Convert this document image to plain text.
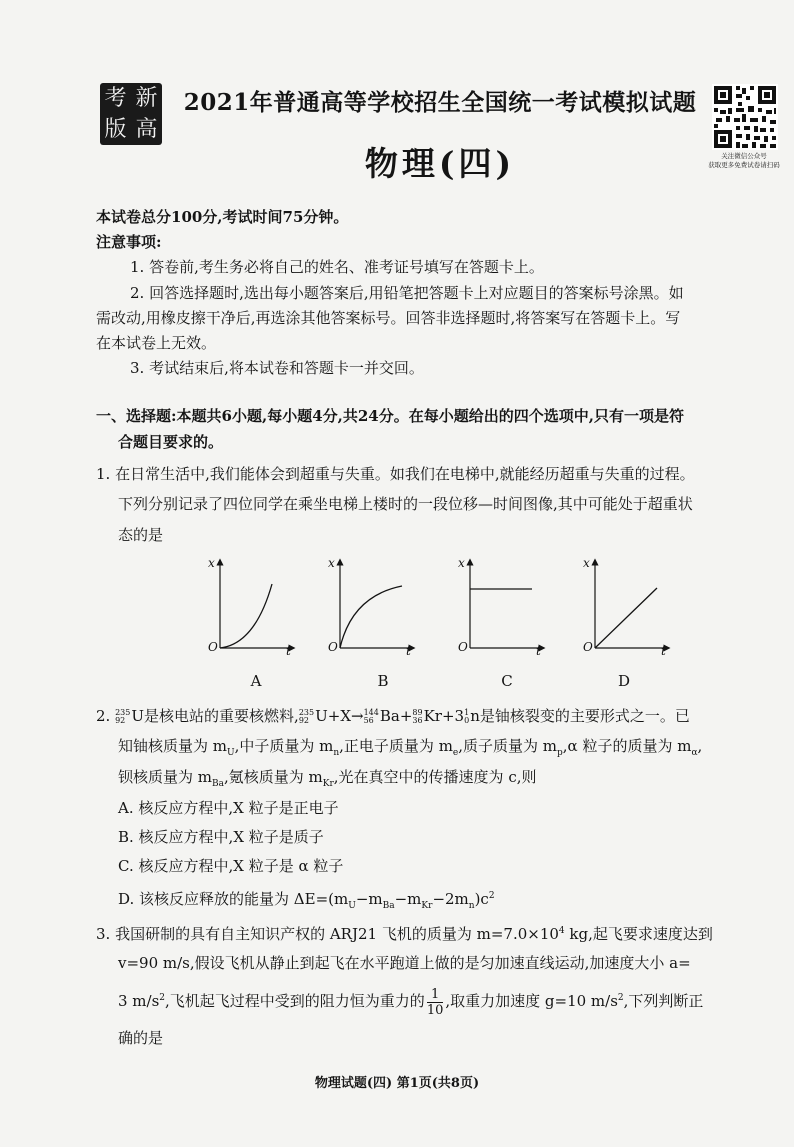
考 新
版 高
2021年普通高等学校招生全国统一考试模拟试题
物理(四)	关注微信公众号
获取更多免费试卷请扫码
本试卷总分100分,考试时间75分钟。
注意事项:
1. 答卷前,考生务必将自己的姓名、准考证号填写在答题卡上。
2. 回答选择题时,选出每小题答案后,用铅笔把答题卡上对应题目的答案标号涂黑。如
需改动,用橡皮擦干净后,再选涂其他答案标号。回答非选择题时,将答案写在答题卡上。写
在本试卷上无效。
3. 考试结束后,将本试卷和答题卡一并交回。
一、选择题:本题共6小题,每小题4分,共24分。在每小题给出的四个选项中,只有一项是符
合题目要求的。
1. 在日常生活中,我们能体会到超重与失重。如我们在电梯中,就能经历超重与失重的过程。
下列分别记录了四位同学在乘坐电梯上楼时的一段位移—时间图像,其中可能处于超重状
态的是
x
O	t
x
O	t
x
O	t
x
O	t
A	B	C	D
2. 235
92 U是核电站的重要核燃料, 235
92 U+X→ 144
56 Ba+ 89
36 Kr+3 1
0 n是铀核裂变的主要形式之一。已
知铀核质量为 $m_U$,中子质量为 $m_n$,正电子质量为 $m_e$,质子质量为 $m_p,\alpha$ 粒子的质量为 $m_\alpha$,
钡核质量为 $m_{Ba}$,氪核质量为 $m_{Kr}$,光在真空中的传播速度为 c,则
A. 核反应方程中,X 粒子是正电子
B. 核反应方程中,X 粒子是质子
C. 核反应方程中,X 粒子是 α 粒子
D. 该核反应释放的能量为 $\Delta E=(m_U-m_{Ba}-m_{Kr}-2m_n)c^2$
3. 我国研制的具有自主知识产权的 ARJ21 飞机的质量为 $m=7.0\times 10^4$ kg,起飞要求速度达到
v=90 m/s,假设飞机从静止到起飞在水平跑道上做的是匀加速直线运动,加速度大小 a=
3 $m/s^2$,飞机起飞过程中受到的阻力恒为重力的 $\frac{1}{10}$ ,取重力加速度 g=10 $m/s^2$,下列判断正
确的是
物理试题(四) 第1页(共8页)
